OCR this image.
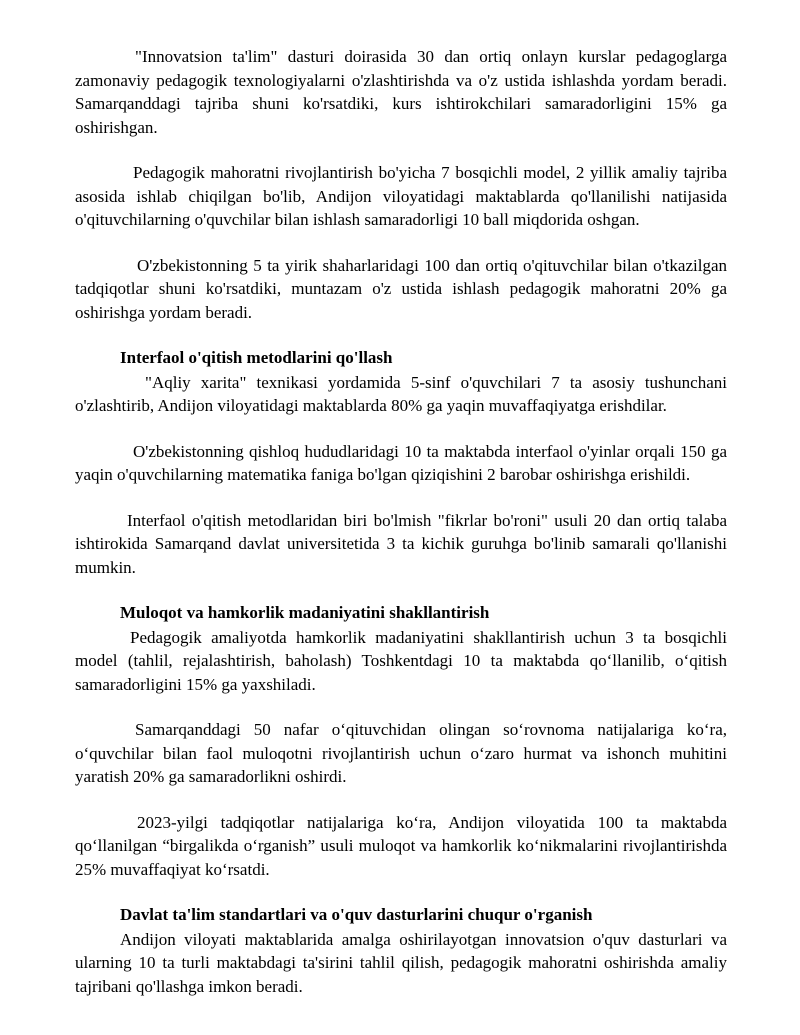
"Innovatsion ta'lim" dasturi doirasida 30 dan ortiq onlayn kurslar pedagoglarga zamonaviy pedagogik texnologiyalarni o'zlashtirishda va o'z ustida ishlashda yordam beradi. Samarqanddagi tajriba shuni ko'rsatdiki, kurs ishtirokchilari samaradorligini 15% ga oshirishgan.

Pedagogik mahoratni rivojlantirish bo'yicha 7 bosqichli model, 2 yillik amaliy tajriba asosida ishlab chiqilgan bo'lib, Andijon viloyatidagi maktablarda qo'llanilishi natijasida o'qituvchilarning o'quvchilar bilan ishlash samaradorligi 10 ball miqdorida oshgan.

O'zbekistonning 5 ta yirik shaharlaridagi 100 dan ortiq o'qituvchilar bilan o'tkazilgan tadqiqotlar shuni ko'rsatdiki, muntazam o'z ustida ishlash pedagogik mahoratni 20% ga oshirishga yordam beradi.

Interfaol o'qitish metodlarini qo'llash

"Aqliy xarita" texnikasi yordamida 5-sinf o'quvchilari 7 ta asosiy tushunchani o'zlashtirib, Andijon viloyatidagi maktablarda 80% ga yaqin muvaffaqiyatga erishdilar.

O'zbekistonning qishloq hududlaridagi 10 ta maktabda interfaol o'yinlar orqali 150 ga yaqin o'quvchilarning matematika faniga bo'lgan qiziqishini 2 barobar oshirishga erishildi.

Interfaol o'qitish metodlaridan biri bo'lmish "fikrlar bo'roni" usuli 20 dan ortiq talaba ishtirokida Samarqand davlat universitetida 3 ta kichik guruhga bo'linib samarali qo'llanishi mumkin.

Muloqot va hamkorlik madaniyatini shakllantirish

Pedagogik amaliyotda hamkorlik madaniyatini shakllantirish uchun 3 ta bosqichli model (tahlil, rejalashtirish, baholash) Toshkentdagi 10 ta maktabda qo‘llanilib, o‘qitish samaradorligini 15% ga yaxshiladi.

Samarqanddagi 50 nafar o‘qituvchidan olingan so‘rovnoma natijalariga ko‘ra, o‘quvchilar bilan faol muloqotni rivojlantirish uchun o‘zaro hurmat va ishonch muhitini yaratish 20% ga samaradorlikni oshirdi.

2023-yilgi tadqiqotlar natijalariga ko‘ra, Andijon viloyatida 100 ta maktabda qo‘llanilgan “birgalikda o‘rganish” usuli muloqot va hamkorlik ko‘nikmalarini rivojlantirishda 25% muvaffaqiyat ko‘rsatdi.

Davlat ta'lim standartlari va o'quv dasturlarini chuqur o'rganish

Andijon viloyati maktablarida amalga oshirilayotgan innovatsion o'quv dasturlari va ularning 10 ta turli maktabdagi ta'sirini tahlil qilish, pedagogik mahoratni oshirishda amaliy tajribani qo'llashga imkon beradi.
